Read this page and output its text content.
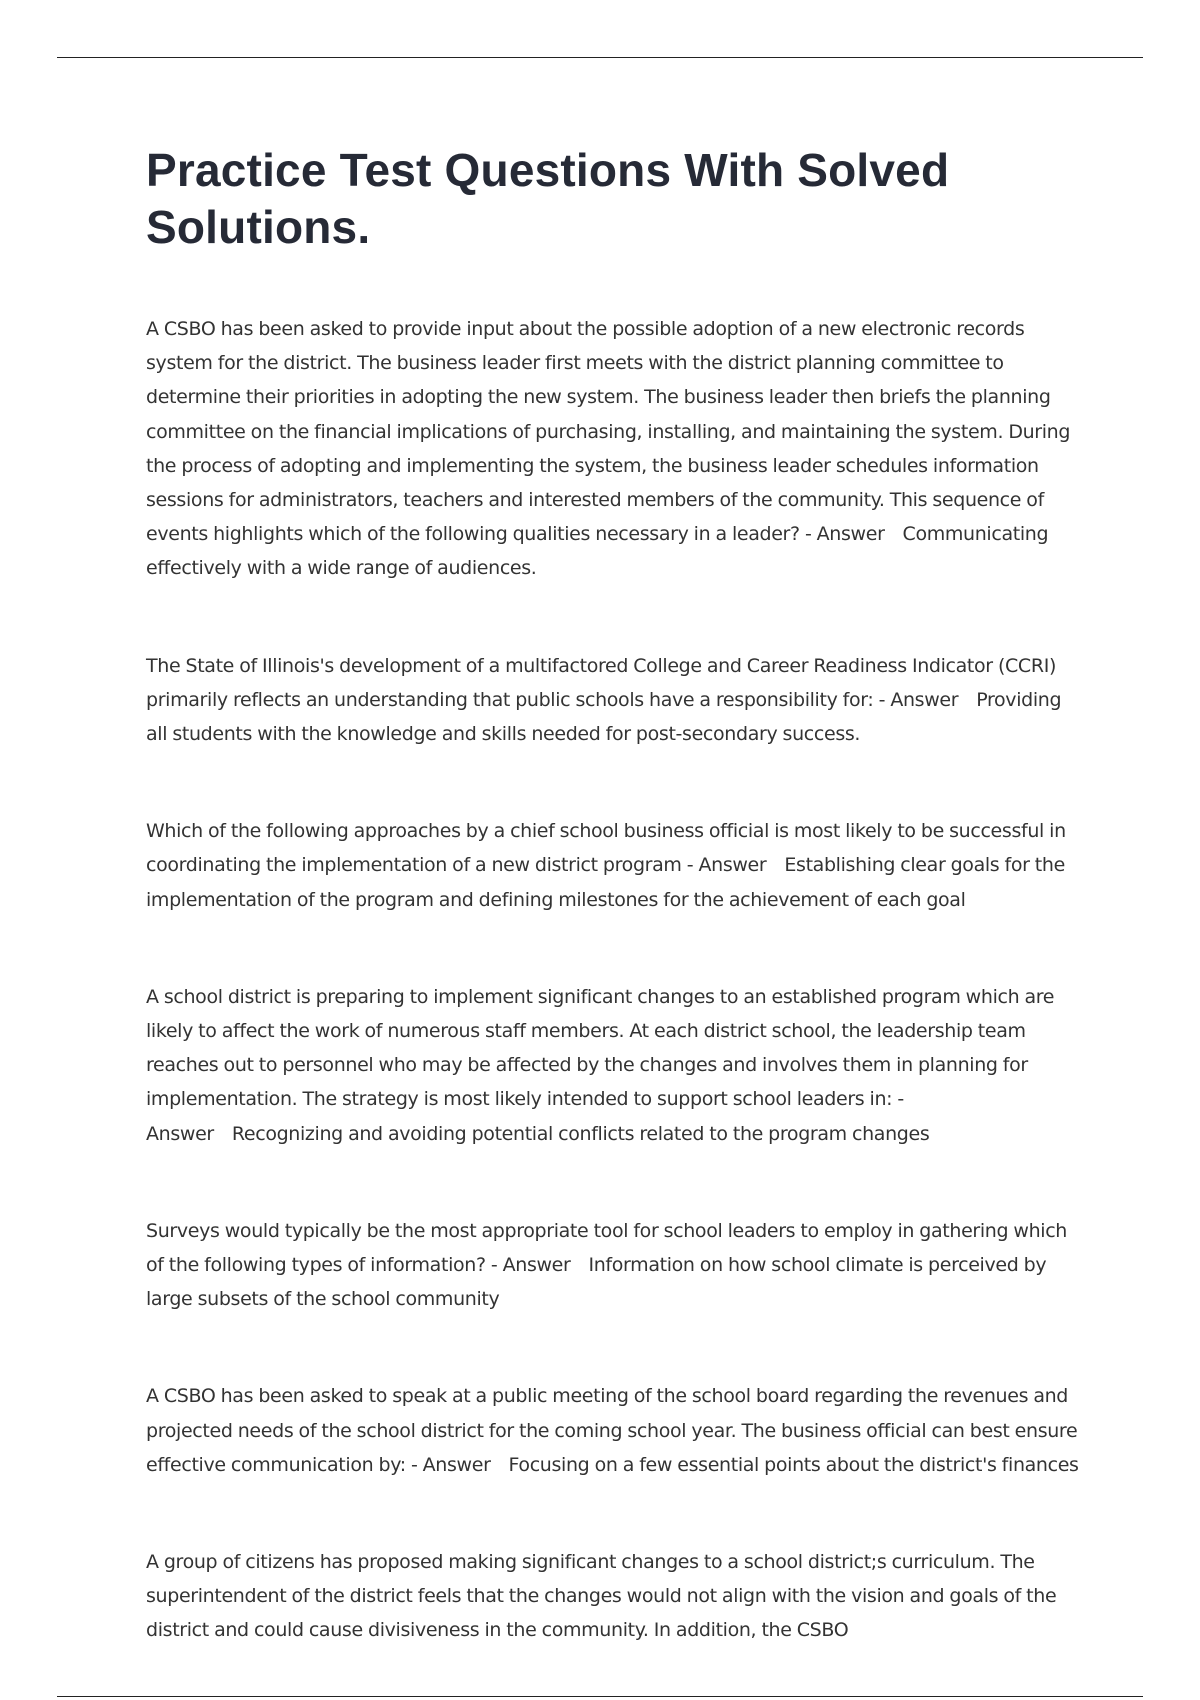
Practice Test Questions With Solved Solutions.

A CSBO has been asked to provide input about the possible adoption of a new electronic records system for the district. The business leader first meets with the district planning committee to determine their priorities in adopting the new system. The business leader then briefs the planning committee on the financial implications of purchasing, installing, and maintaining the system. During the process of adopting and implementing the system, the business leader schedules information sessions for administrators, teachers and interested members of the community. This sequence of events highlights which of the following qualities necessary in a leader? - Answer Communicating effectively with a wide range of audiences.

The State of Illinois's development of a multifactored College and Career Readiness Indicator (CCRI) primarily reflects an understanding that public schools have a responsibility for: - Answer Providing all students with the knowledge and skills needed for post-secondary success.

Which of the following approaches by a chief school business official is most likely to be successful in coordinating the implementation of a new district program - Answer Establishing clear goals for the implementation of the program and defining milestones for the achievement of each goal

A school district is preparing to implement significant changes to an established program which are likely to affect the work of numerous staff members. At each district school, the leadership team reaches out to personnel who may be affected by the changes and involves them in planning for implementation. The strategy is most likely intended to support school leaders in: - Answer Recognizing and avoiding potential conflicts related to the program changes

Surveys would typically be the most appropriate tool for school leaders to employ in gathering which of the following types of information? - Answer Information on how school climate is perceived by large subsets of the school community

A CSBO has been asked to speak at a public meeting of the school board regarding the revenues and projected needs of the school district for the coming school year. The business official can best ensure effective communication by: - Answer Focusing on a few essential points about the district's finances

A group of citizens has proposed making significant changes to a school district;s curriculum. The superintendent of the district feels that the changes would not align with the vision and goals of the district and could cause divisiveness in the community. In addition, the CSBO
